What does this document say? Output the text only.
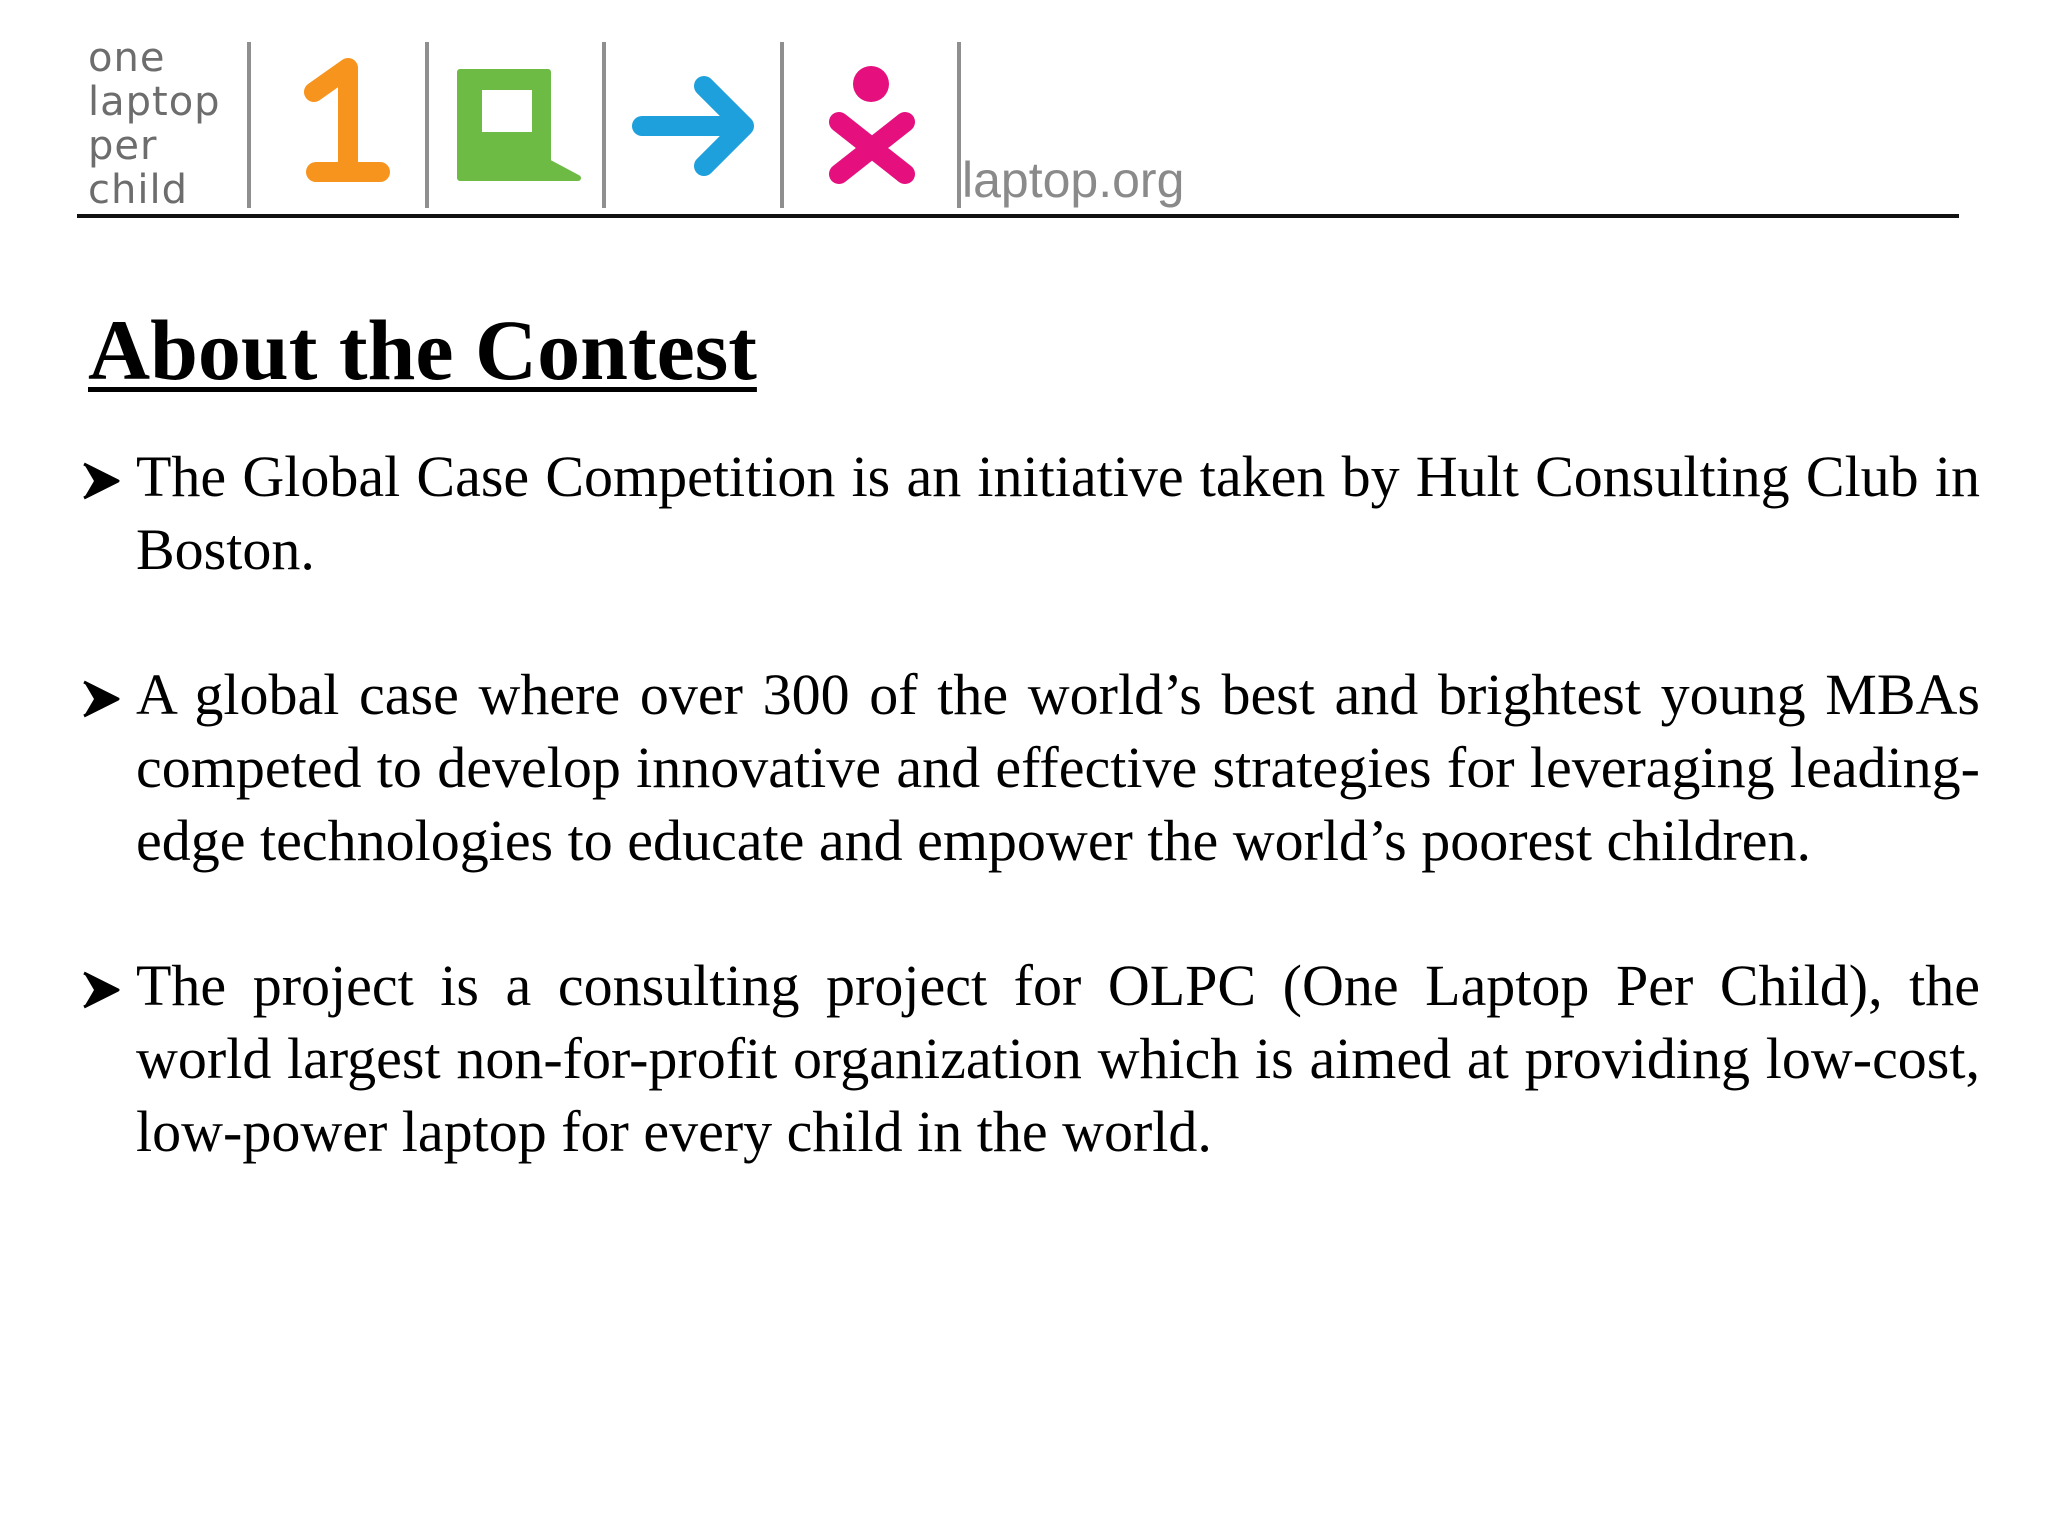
one
laptop
per
child	laptop.org
About the Contest
The Global Case Competition is an initiative taken by Hult Consulting Club in Boston.
A global case where over 300 of the world’s best and brightest young MBAs competed to develop innovative and effective strategies for leveraging leading-edge technologies to educate and empower the world’s poorest children.
The project is a consulting project for OLPC (One Laptop Per Child), the world largest non-for-profit organization which is aimed at providing low-cost, low-power laptop for every child in the world.
